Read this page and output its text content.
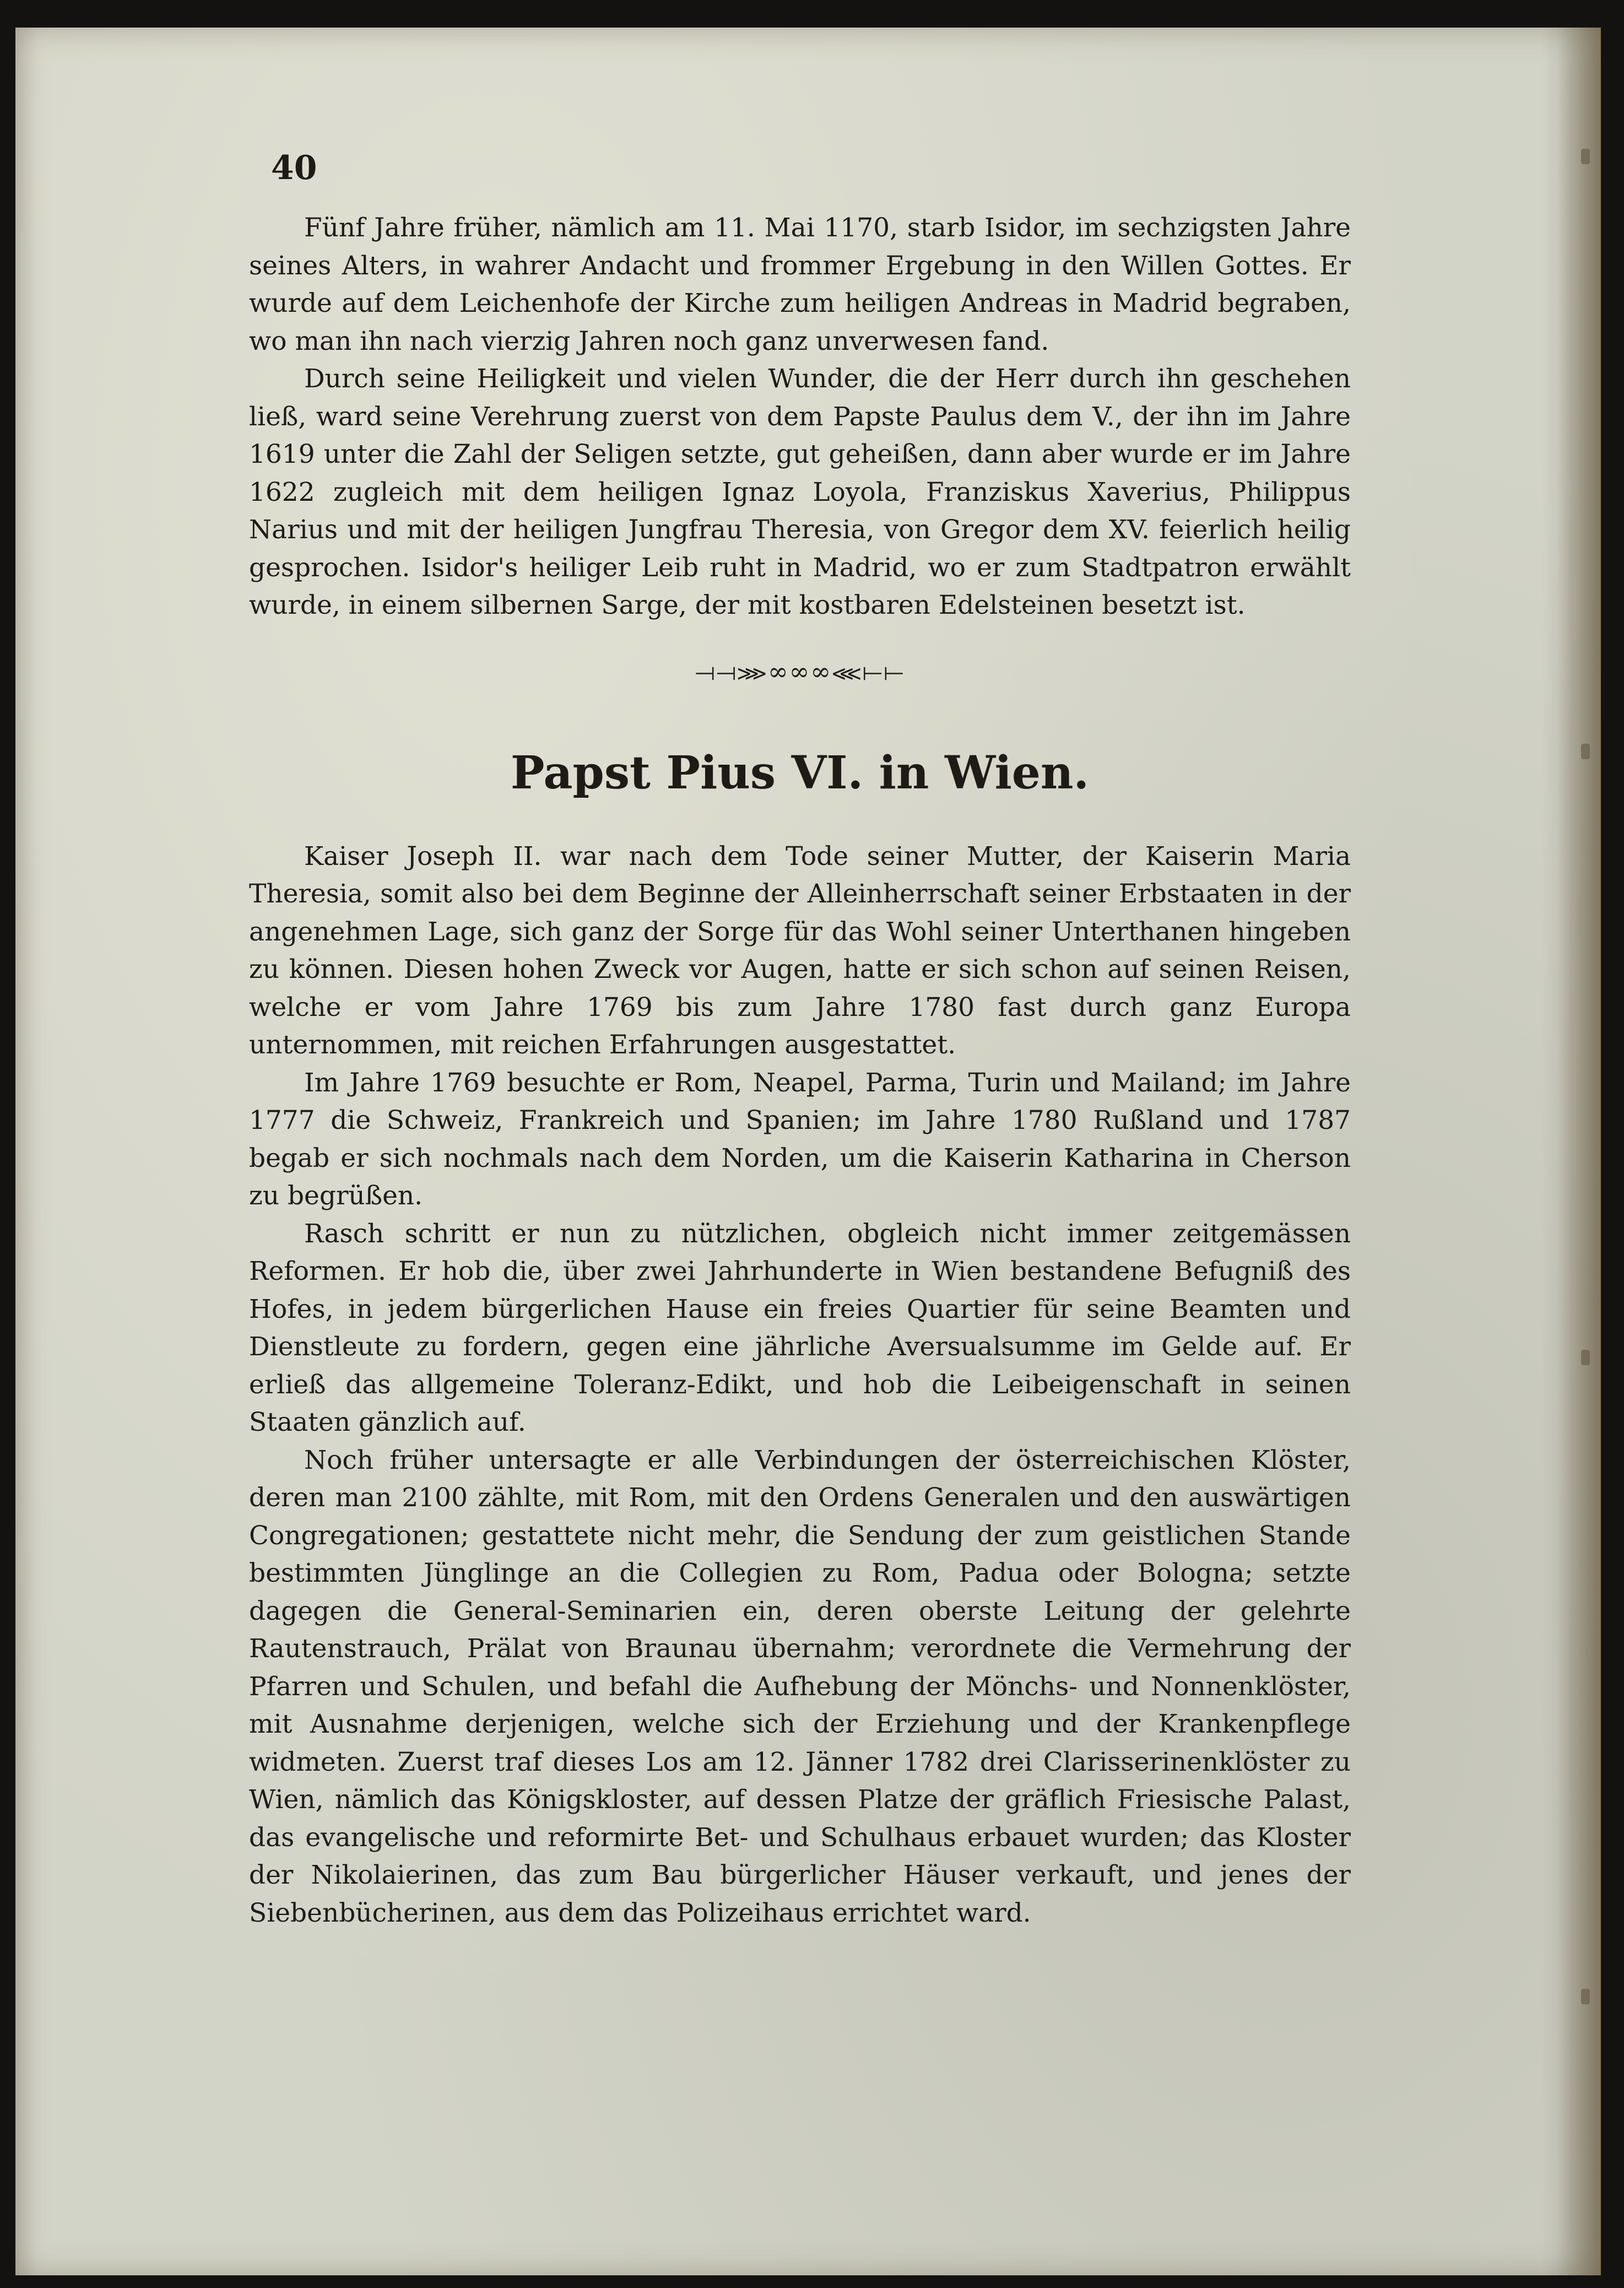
40

Fünf Jahre früher, nämlich am 11. Mai 1170, starb Isidor, im sechzigsten Jahre seines Alters, in wahrer Andacht und frommer Ergebung in den Willen Gottes. Er wurde auf dem Leichenhofe der Kirche zum heiligen Andreas in Madrid begraben, wo man ihn nach vierzig Jahren noch ganz unverwesen fand.

Durch seine Heiligkeit und vielen Wunder, die der Herr durch ihn geschehen ließ, ward seine Verehrung zuerst von dem Papste Paulus dem V., der ihn im Jahre 1619 unter die Zahl der Seligen setzte, gut geheißen, dann aber wurde er im Jahre 1622 zugleich mit dem heiligen Ignaz Loyola, Franziskus Xaverius, Philippus Narius und mit der heiligen Jungfrau Theresia, von Gregor dem XV. feierlich heilig gesprochen. Isidor's heiliger Leib ruht in Madrid, wo er zum Stadtpatron erwählt wurde, in einem silbernen Sarge, der mit kostbaren Edelsteinen besetzt ist.

⟞⟞⋙∞∞∞⋘⟝⟝
Papst Pius VI. in Wien.

Kaiser Joseph II. war nach dem Tode seiner Mutter, der Kaiserin Maria Theresia, somit also bei dem Beginne der Alleinherrschaft seiner Erbstaaten in der angenehmen Lage, sich ganz der Sorge für das Wohl seiner Unterthanen hingeben zu können. Diesen hohen Zweck vor Augen, hatte er sich schon auf seinen Reisen, welche er vom Jahre 1769 bis zum Jahre 1780 fast durch ganz Europa unternommen, mit reichen Erfahrungen ausgestattet.

Im Jahre 1769 besuchte er Rom, Neapel, Parma, Turin und Mailand; im Jahre 1777 die Schweiz, Frankreich und Spanien; im Jahre 1780 Rußland und 1787 begab er sich nochmals nach dem Norden, um die Kaiserin Katharina in Cherson zu begrüßen.

Rasch schritt er nun zu nützlichen, obgleich nicht immer zeitgemässen Reformen. Er hob die, über zwei Jahrhunderte in Wien bestandene Befugniß des Hofes, in jedem bürgerlichen Hause ein freies Quartier für seine Beamten und Dienstleute zu fordern, gegen eine jährliche Aversualsumme im Gelde auf. Er erließ das allgemeine Toleranz-Edikt, und hob die Leibeigenschaft in seinen Staaten gänzlich auf.

Noch früher untersagte er alle Verbindungen der österreichischen Klöster, deren man 2100 zählte, mit Rom, mit den Ordens Generalen und den auswärtigen Congregationen; gestattete nicht mehr, die Sendung der zum geistlichen Stande bestimmten Jünglinge an die Collegien zu Rom, Padua oder Bologna; setzte dagegen die General-Seminarien ein, deren oberste Leitung der gelehrte Rautenstrauch, Prälat von Braunau übernahm; verordnete die Vermehrung der Pfarren und Schulen, und befahl die Aufhebung der Mönchs- und Nonnenklöster, mit Ausnahme derjenigen, welche sich der Erziehung und der Krankenpflege widmeten. Zuerst traf dieses Los am 12. Jänner 1782 drei Clarisserinenklöster zu Wien, nämlich das Königskloster, auf dessen Platze der gräflich Friesische Palast, das evangelische und reformirte Bet- und Schulhaus erbauet wurden; das Kloster der Nikolaierinen, das zum Bau bürgerlicher Häuser verkauft, und jenes der Siebenbücherinen, aus dem das Polizeihaus errichtet ward.
